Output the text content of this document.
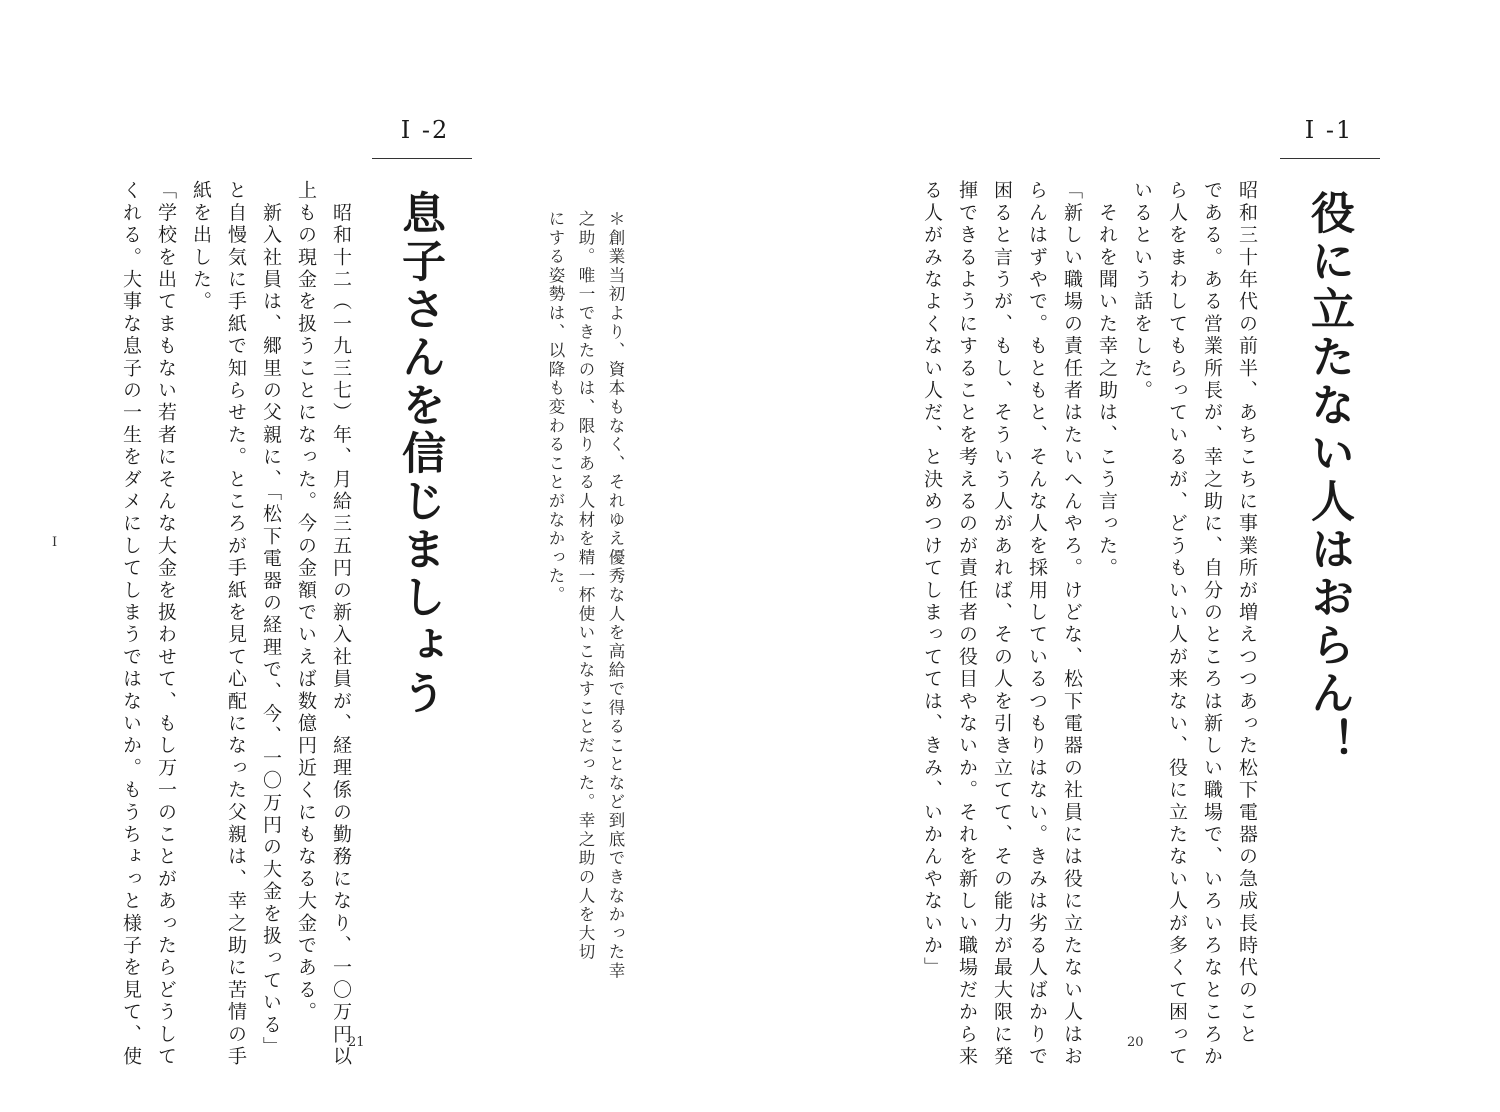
I -1
役に立たない人はおらん！
昭和三十年代の前半、あちこちに事業所が増えつつあった松下電器の急成長時代のこと
である。ある営業所長が、幸之助に、自分のところは新しい職場で、いろいろなところか
ら人をまわしてもらっているが、どうもいい人が来ない、役に立たない人が多くて困って
いるという話をした。
　それを聞いた幸之助は、こう言った。
「新しい職場の責任者はたいへんやろ。けどな、松下電器の社員には役に立たない人はお
らんはずやで。もともと、そんな人を採用しているつもりはない。きみは劣る人ばかりで
困ると言うが、もし、そういう人があれば、その人を引き立てて、その能力が最大限に発
揮できるようにすることを考えるのが責任者の役目やないか。それを新しい職場だから来
る人がみなよくない人だ、と決めつけてしまってては、きみ、いかんやないか」
20
＊創業当初より、資本もなく、それゆえ優秀な人を高給で得ることなど到底できなかった幸
之助。唯一できたのは、限りある人材を精一杯使いこなすことだった。幸之助の人を大切
にする姿勢は、以降も変わることがなかった。
I -2
息子さんを信じましょう
　昭和十二（一九三七）年、月給三五円の新入社員が、経理係の勤務になり、一〇万円以
上もの現金を扱うことになった。今の金額でいえば数億円近くにもなる大金である。
　新入社員は、郷里の父親に、「松下電器の経理で、今、一〇万円の大金を扱っている」
と自慢気に手紙で知らせた。ところが手紙を見て心配になった父親は、幸之助に苦情の手
紙を出した。
「学校を出てまもない若者にそんな大金を扱わせて、もし万一のことがあったらどうして
くれる。大事な息子の一生をダメにしてしまうではないか。もうちょっと様子を見て、使	21
I
